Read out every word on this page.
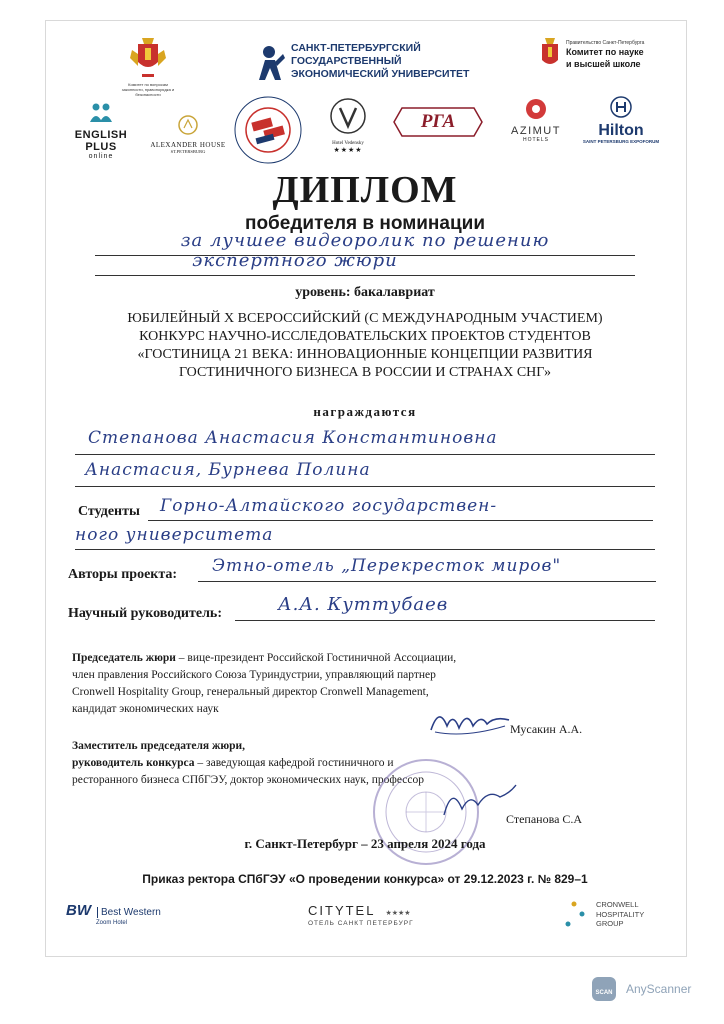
Комитет по вопросам законности, правопорядка и безопасности
САНКТ-ПЕТЕРБУРГСКИЙ
ГОСУДАРСТВЕННЫЙ
ЭКОНОМИЧЕСКИЙ УНИВЕРСИТЕТ
Правительство Санкт-Петербурга
Комитет по науке
и высшей школе
ENGLISH PLUS
online
ALEXANDER HOUSE
ST.PETERSBURG
Hotel Vedensky
★★★★
РГА	AZIMUT
HOTELS
Hilton
SAINT PETERSBURG EXPOFORUM
ДИПЛОМ
победителя в номинации
за лучшее видеоролик по решению
экспертного жюри
уровень: бакалавриат
ЮБИЛЕЙНЫЙ X ВСЕРОССИЙСКИЙ (С МЕЖДУНАРОДНЫМ УЧАСТИЕМ)
КОНКУРС НАУЧНО-ИССЛЕДОВАТЕЛЬСКИХ ПРОЕКТОВ СТУДЕНТОВ
«ГОСТИНИЦА 21 ВЕКА: ИННОВАЦИОННЫЕ КОНЦЕПЦИИ РАЗВИТИЯ
ГОСТИНИЧНОГО БИЗНЕСА В РОССИИ И СТРАНАХ СНГ»
награждаются
Степанова Анастасия Константиновна
Анастасия, Бурнева Полина
Студенты Горно-Алтайского государствен-
ного университета
Авторы проекта: Этно-отель „Перекресток миров"
Научный руководитель:	А.А. Куттубаев
Председатель жюри – вице-президент Российской Гостиничной Ассоциации,
член правления Российского Союза Туриндустрии, управляющий партнер
Cronwell Hospitality Group, генеральный директор Cronwell Management,
кандидат экономических наук
Мусакин А.А.
Заместитель председателя жюри,
руководитель конкурса – заведующая кафедрой гостиничного и
ресторанного бизнеса СПбГЭУ, доктор экономических наук, профессор
Степанова С.А
г. Санкт-Петербург – 23 апреля 2024 года
Приказ ректора СПбГЭУ «О проведении конкурса» от 29.12.2023 г. № 829–1
BW Best Western
Zoom Hotel
CITYTEL ★★★★
ОТЕЛЬ САНКТ ПЕТЕРБУРГ
CRONWELL
HOSPITALITY
GROUP
SCAN AnyScanner
